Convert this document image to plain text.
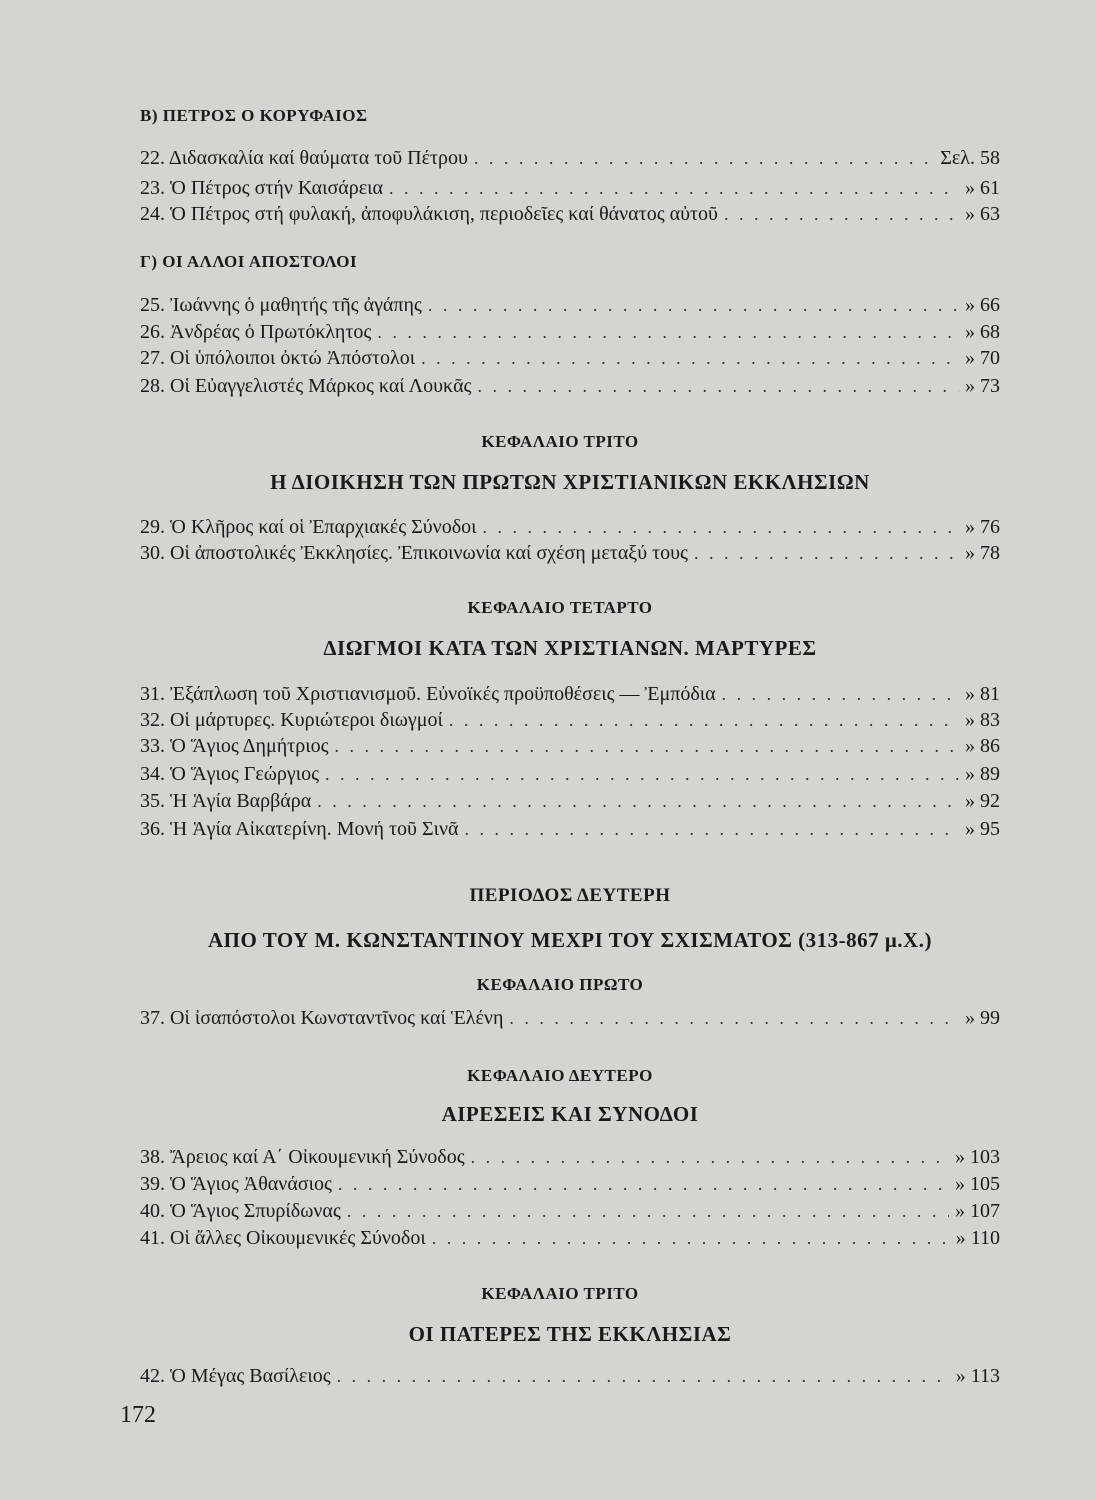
Β) ΠΕΤΡΟΣ Ο ΚΟΡΥΦΑΙΟΣ
22. Διδασκαλία καί θαύματα τοῦ Πέτρου . . .	Σελ. 58
23. Ὁ Πέτρος στήν Καισάρεια . . .	» 61
24. Ὁ Πέτρος στή φυλακή, ἀποφυλάκιση, περιοδεῖες καί θάνατος αὐτοῦ . . .	» 63
Γ) ΟΙ ΑΛΛΟΙ ΑΠΟΣΤΟΛΟΙ
25. Ἰωάννης ὁ μαθητής τῆς ἀγάπης . . .	» 66
26. Ἀνδρέας ὁ Πρωτόκλητος . . .	» 68
27. Οἱ ὑπόλοιποι ὀκτώ Ἀπόστολοι . . .	» 70
28. Οἱ Εὐαγγελιστές Μάρκος καί Λουκᾶς . . .	» 73
ΚΕΦΑΛΑΙΟ ΤΡΙΤΟ
Η ΔΙΟΙΚΗΣΗ ΤΩΝ ΠΡΩΤΩΝ ΧΡΙΣΤΙΑΝΙΚΩΝ ΕΚΚΛΗΣΙΩΝ
29. Ὁ Κλῆρος καί οἱ Ἐπαρχιακές Σύνοδοι . . .	» 76
30. Οἱ ἀποστολικές Ἐκκλησίες. Ἐπικοινωνία καί σχέση μεταξύ τους . . .	» 78
ΚΕΦΑΛΑΙΟ ΤΕΤΑΡΤΟ
ΔΙΩΓΜΟΙ ΚΑΤΑ ΤΩΝ ΧΡΙΣΤΙΑΝΩΝ. ΜΑΡΤΥΡΕΣ
31. Ἐξάπλωση τοῦ Χριστιανισμοῦ. Εὐνοϊκές προϋποθέσεις — Ἐμπόδια . . .	» 81
32. Οἱ μάρτυρες. Κυριώτεροι διωγμοί . . .	» 83
33. Ὁ Ἅγιος Δημήτριος . . .	» 86
34. Ὁ Ἅγιος Γεώργιος . . .	» 89
35. Ἡ Ἁγία Βαρβάρα . . .	» 92
36. Ἡ Ἁγία Αἰκατερίνη. Μονή τοῦ Σινᾶ . . .	» 95
ΠΕΡΙΟΔΟΣ ΔΕΥΤΕΡΗ
ΑΠΟ ΤΟΥ Μ. ΚΩΝΣΤΑΝΤΙΝΟΥ ΜΕΧΡΙ ΤΟΥ ΣΧΙΣΜΑΤΟΣ (313-867 μ.Χ.)
ΚΕΦΑΛΑΙΟ ΠΡΩΤΟ
37. Οἱ ἰσαπόστολοι Κωνσταντῖνος καί Ἑλένη . . .	» 99
ΚΕΦΑΛΑΙΟ ΔΕΥΤΕΡΟ
ΑΙΡΕΣΕΙΣ ΚΑΙ ΣΥΝΟΔΟΙ
38. Ἄρειος καί Α΄ Οἰκουμενική Σύνοδος . . .	» 103
39. Ὁ Ἅγιος Ἀθανάσιος . . .	» 105
40. Ὁ Ἅγιος Σπυρίδωνας . . .	» 107
41. Οἱ ἄλλες Οἰκουμενικές Σύνοδοι . . .	» 110
ΚΕΦΑΛΑΙΟ ΤΡΙΤΟ
ΟΙ ΠΑΤΕΡΕΣ ΤΗΣ ΕΚΚΛΗΣΙΑΣ
42. Ὁ Μέγας Βασίλειος . . .	» 113
172
